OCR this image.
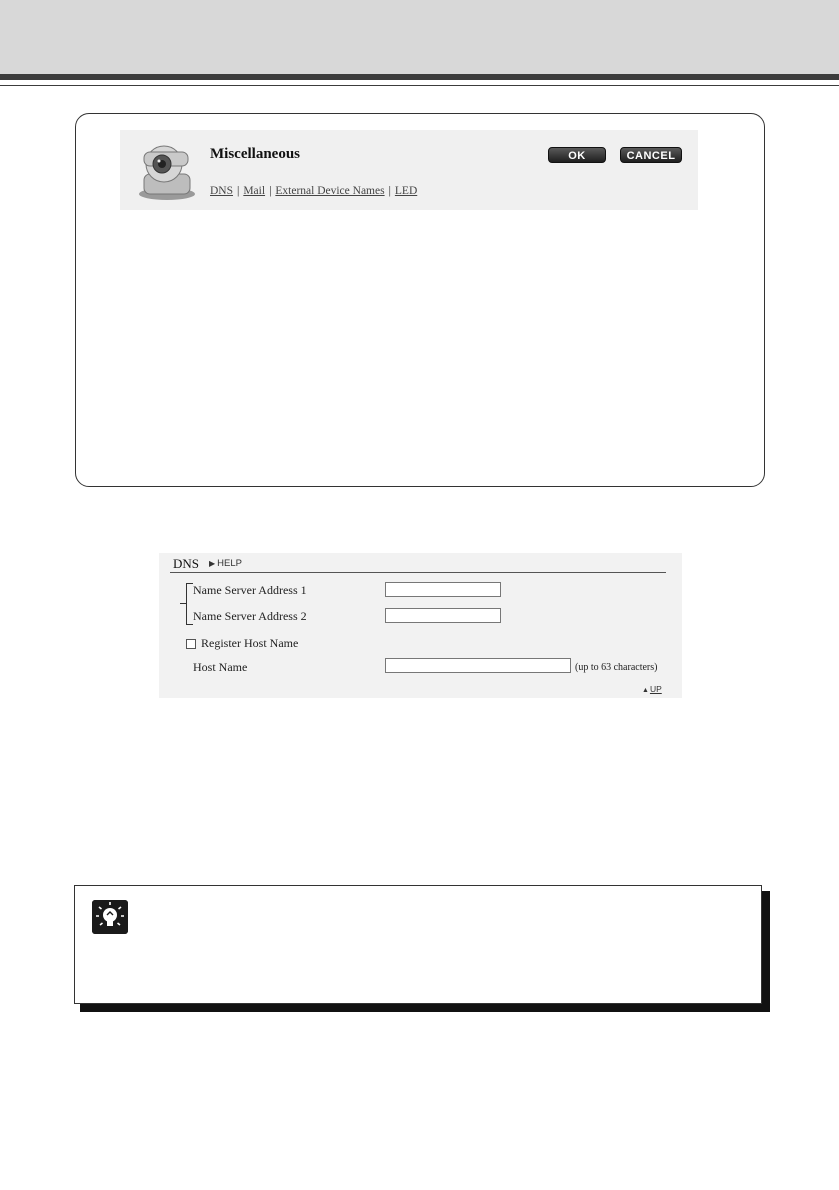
Miscellaneous	OK	CANCEL
DNS | Mail | External Device Names | LED
DNS ▶ HELP
Name Server Address 1
Name Server Address 2
Register Host Name
Host Name	(up to 63 characters)
▲UP
